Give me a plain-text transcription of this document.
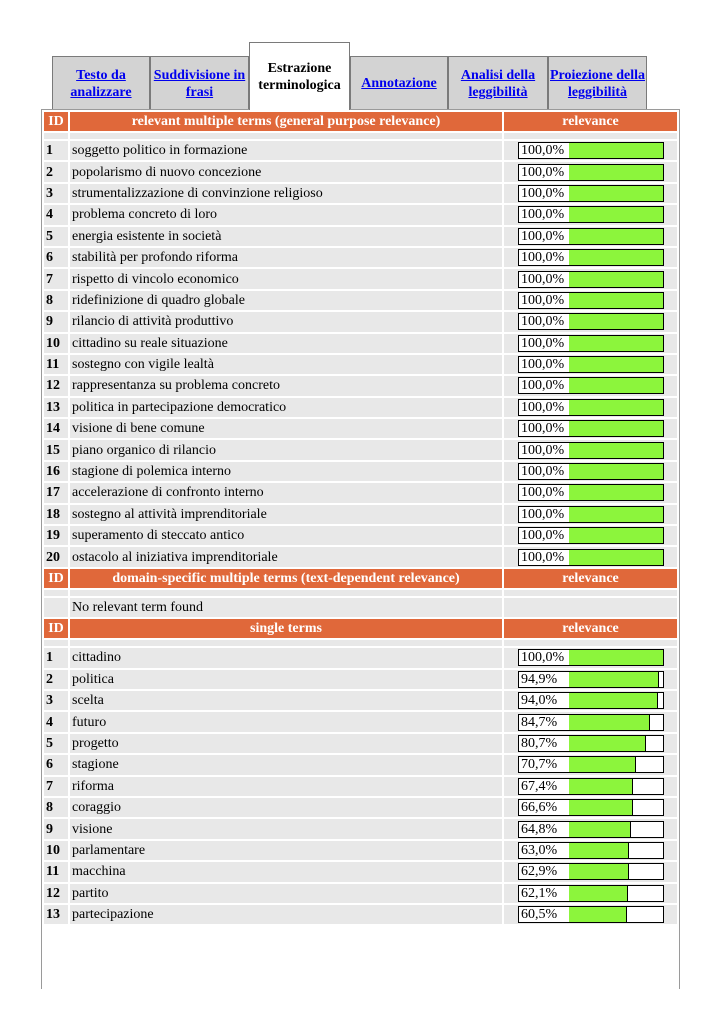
Testo da analizzare
Suddivisione in frasi
Estrazione terminologica	Annotazione
Analisi della leggibilità
Proiezione della leggibilità
ID	relevant multiple terms (general purpose relevance)	relevance

1	soggetto politico in formazione	100,0%

2	popolarismo di nuovo concezione	100,0%

3	strumentalizzazione di convinzione religioso	100,0%

4	problema concreto di loro	100,0%

5	energia esistente in società	100,0%

6	stabilità per profondo riforma	100,0%

7	rispetto di vincolo economico	100,0%

8	ridefinizione di quadro globale	100,0%

9	rilancio di attività produttivo	100,0%

10	cittadino su reale situazione	100,0%

11	sostegno con vigile lealtà	100,0%

12	rappresentanza su problema concreto	100,0%

13	politica in partecipazione democratico	100,0%

14	visione di bene comune	100,0%

15	piano organico di rilancio	100,0%

16	stagione di polemica interno	100,0%

17	accelerazione di confronto interno	100,0%

18	sostegno al attività imprenditoriale	100,0%

19	superamento di steccato antico	100,0%

20	ostacolo al iniziativa imprenditoriale	100,0%

ID	domain-specific multiple terms (text-dependent relevance)	relevance

	No relevant term found	
ID	single terms	relevance

1	cittadino	100,0%

2	politica	94,9%

3	scelta	94,0%

4	futuro	84,7%

5	progetto	80,7%

6	stagione	70,7%

7	riforma	67,4%

8	coraggio	66,6%

9	visione	64,8%

10	parlamentare	63,0%

11	macchina	62,9%

12	partito	62,1%

13	partecipazione	60,5%
